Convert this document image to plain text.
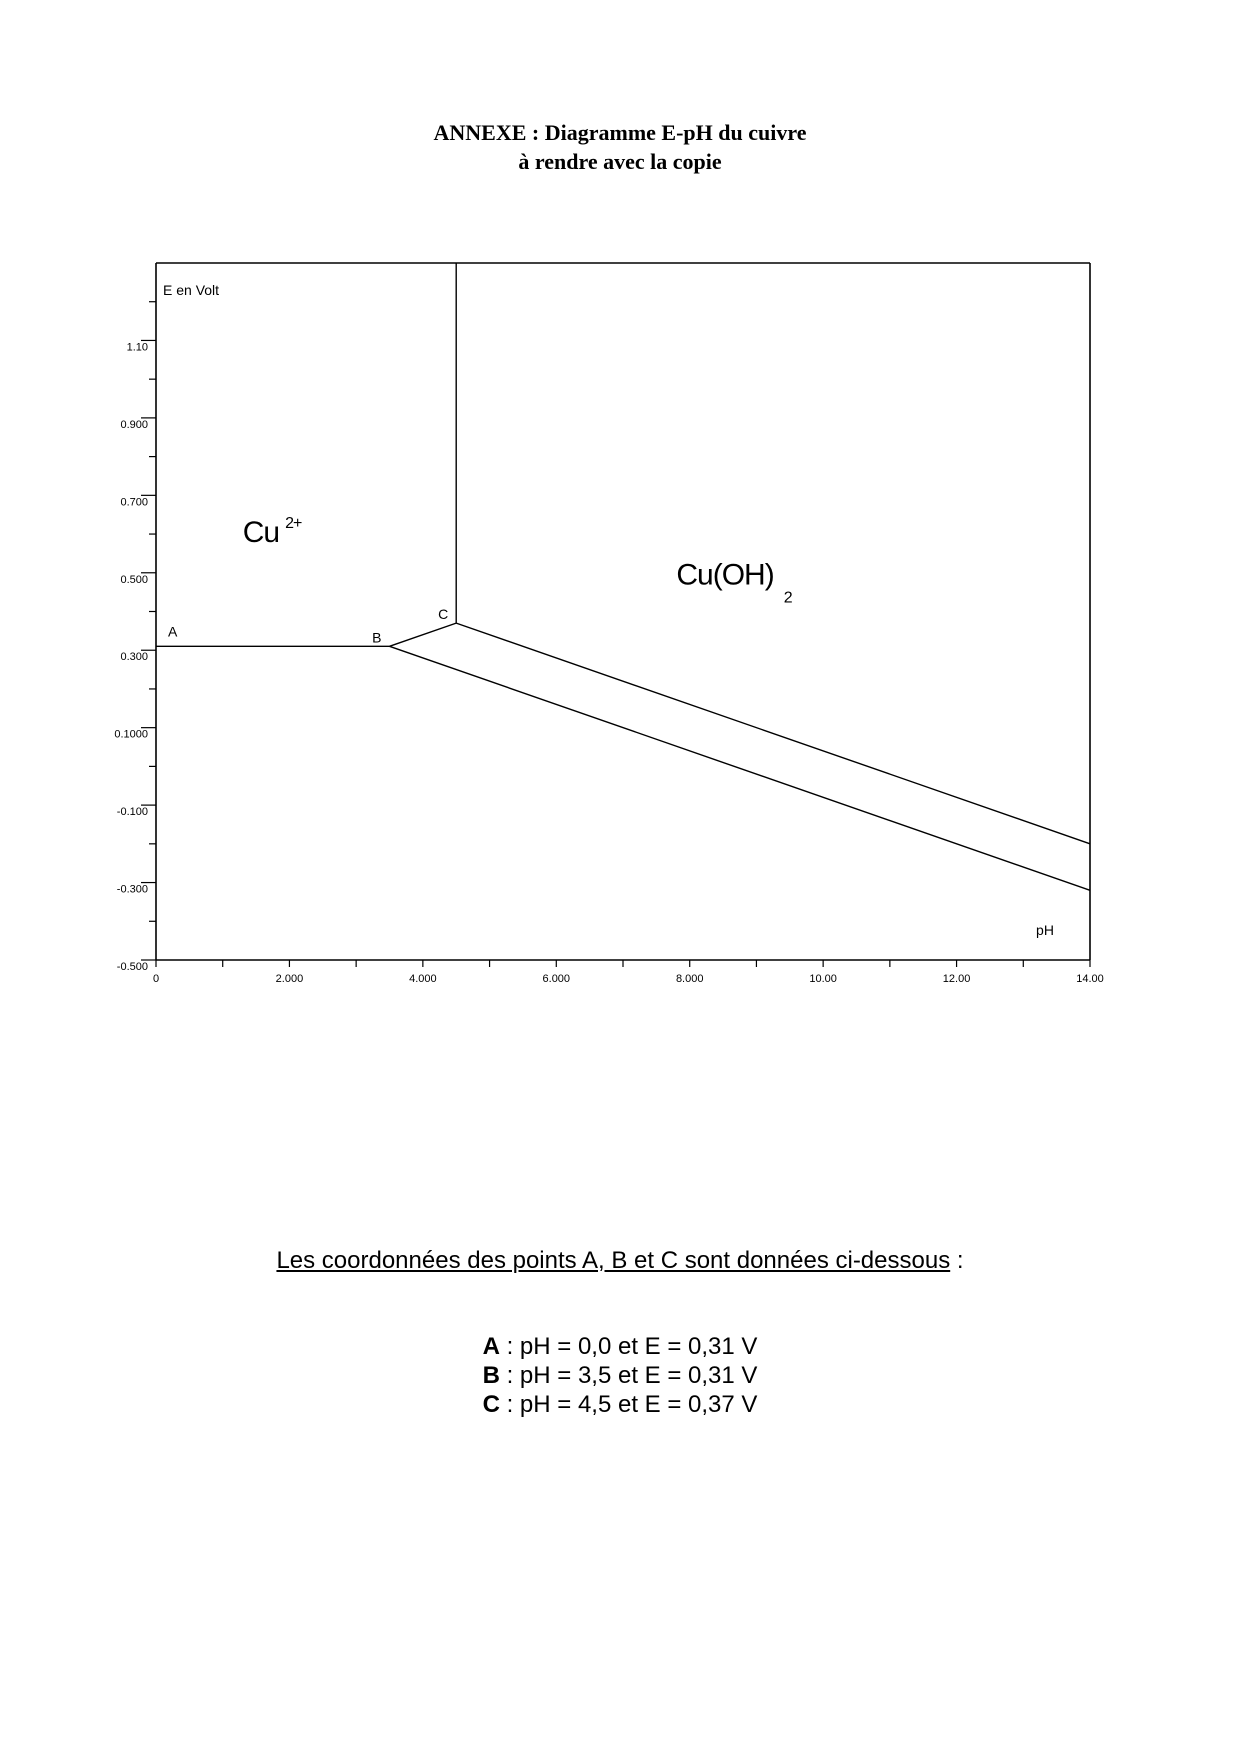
ANNEXE : Diagramme E-pH du cuivre
à rendre avec la copie
E en Volt
pH
1.10
0.900
0.700
0.500
0.300
0.1000
-0.100
-0.300
-0.500
0	2.000	4.000	6.000	8.000	10.00	12.00	14.00
A	B
C
Cu $^{2+}$
$Cu(OH)_2$
Les coordonnées des points A, B et C sont données ci-dessous :
A : pH = 0,0 et E = 0,31 V
B : pH = 3,5 et E = 0,31 V
C : pH = 4,5 et E = 0,37 V
